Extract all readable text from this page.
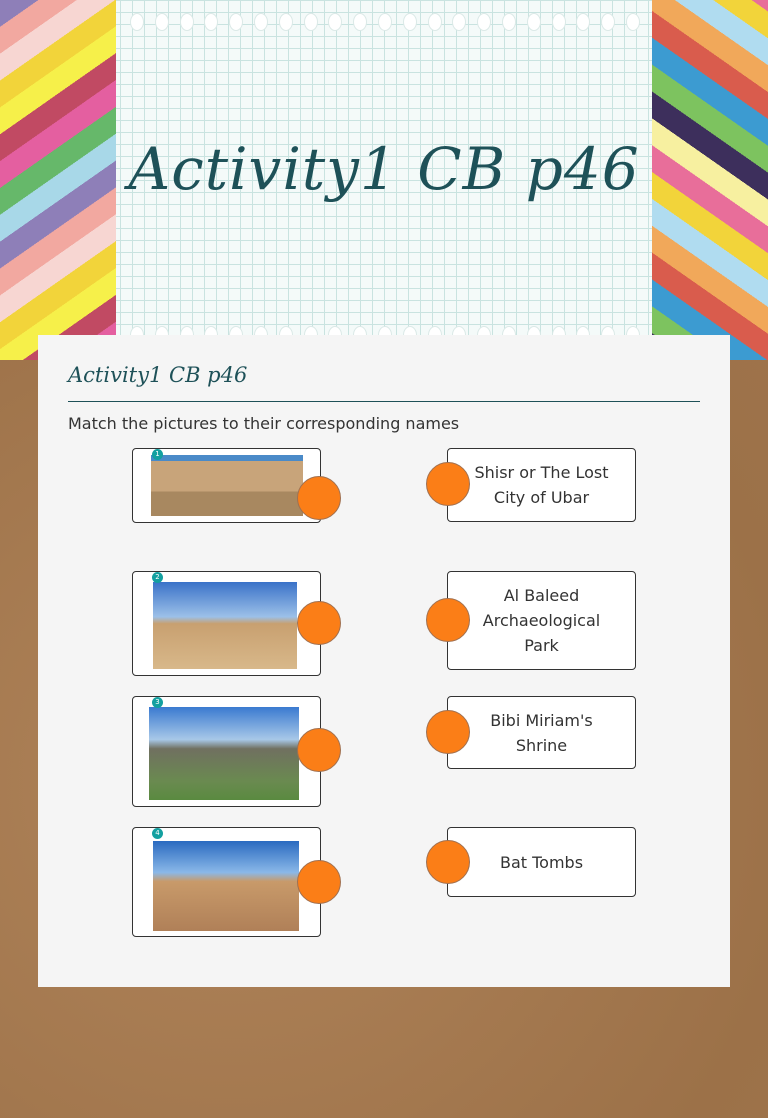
Activity1 CB p46
Activity1 CB p46
Match the pictures to their corresponding names
1
2
3
4
Shisr or The Lost City of Ubar
Al Baleed Archaeological Park
Bibi Miriam's Shrine
Bat Tombs
